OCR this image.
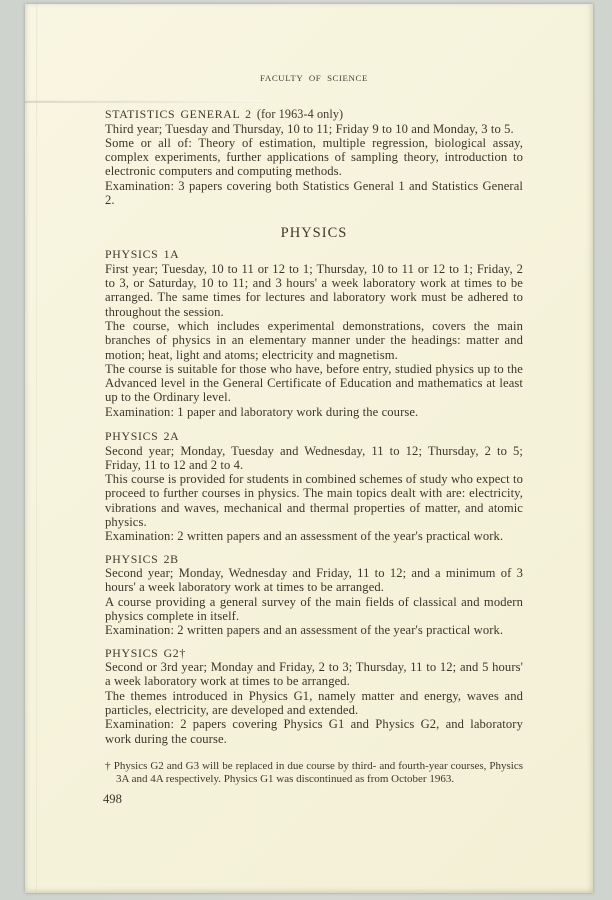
FACULTY OF SCIENCE
STATISTICS GENERAL 2 (for 1963-4 only)

Third year; Tuesday and Thursday, 10 to 11; Friday 9 to 10 and Monday, 3 to 5.

Some or all of: Theory of estimation, multiple regression, biological assay, complex experiments, further applications of sampling theory, introduction to electronic computers and computing methods.

Examination: 3 papers covering both Statistics General 1 and Statistics General 2.

PHYSICS
PHYSICS 1A

First year; Tuesday, 10 to 11 or 12 to 1; Thursday, 10 to 11 or 12 to 1; Friday, 2 to 3, or Saturday, 10 to 11; and 3 hours' a week laboratory work at times to be arranged. The same times for lectures and laboratory work must be adhered to throughout the session.

The course, which includes experimental demonstrations, covers the main branches of physics in an elementary manner under the headings: matter and motion; heat, light and atoms; electricity and magnetism.

The course is suitable for those who have, before entry, studied physics up to the Advanced level in the General Certificate of Education and mathematics at least up to the Ordinary level.

Examination: 1 paper and laboratory work during the course.

PHYSICS 2A

Second year; Monday, Tuesday and Wednesday, 11 to 12; Thursday, 2 to 5; Friday, 11 to 12 and 2 to 4.

This course is provided for students in combined schemes of study who expect to proceed to further courses in physics. The main topics dealt with are: electricity, vibrations and waves, mechanical and thermal properties of matter, and atomic physics.

Examination: 2 written papers and an assessment of the year's practical work.

PHYSICS 2B

Second year; Monday, Wednesday and Friday, 11 to 12; and a minimum of 3 hours' a week laboratory work at times to be arranged.

A course providing a general survey of the main fields of classical and modern physics complete in itself.

Examination: 2 written papers and an assessment of the year's practical work.

PHYSICS G2†

Second or 3rd year; Monday and Friday, 2 to 3; Thursday, 11 to 12; and 5 hours' a week laboratory work at times to be arranged.

The themes introduced in Physics G1, namely matter and energy, waves and particles, electricity, are developed and extended.

Examination: 2 papers covering Physics G1 and Physics G2, and laboratory work during the course.

† Physics G2 and G3 will be replaced in due course by third- and fourth-year courses, Physics 3A and 4A respectively. Physics G1 was discontinued as from October 1963.
498
